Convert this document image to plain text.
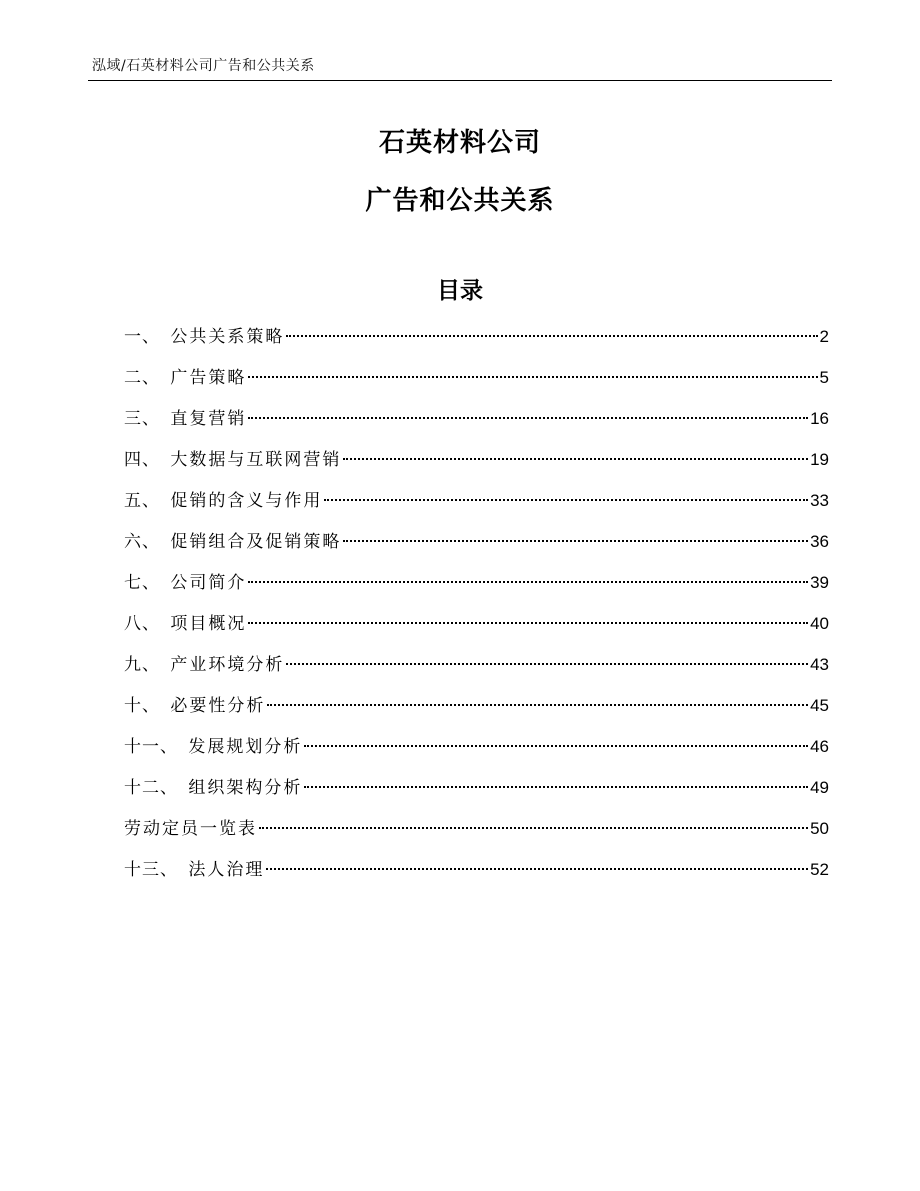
泓域/石英材料公司广告和公共关系
石英材料公司
广告和公共关系
目录
一、 公共关系策略	2
二、 广告策略	5
三、 直复营销	16
四、 大数据与互联网营销	19
五、 促销的含义与作用	33
六、 促销组合及促销策略	36
七、 公司简介	39
八、 项目概况	40
九、 产业环境分析	43
十、 必要性分析	45
十一、 发展规划分析	46
十二、 组织架构分析	49
劳动定员一览表	50
十三、 法人治理	52
